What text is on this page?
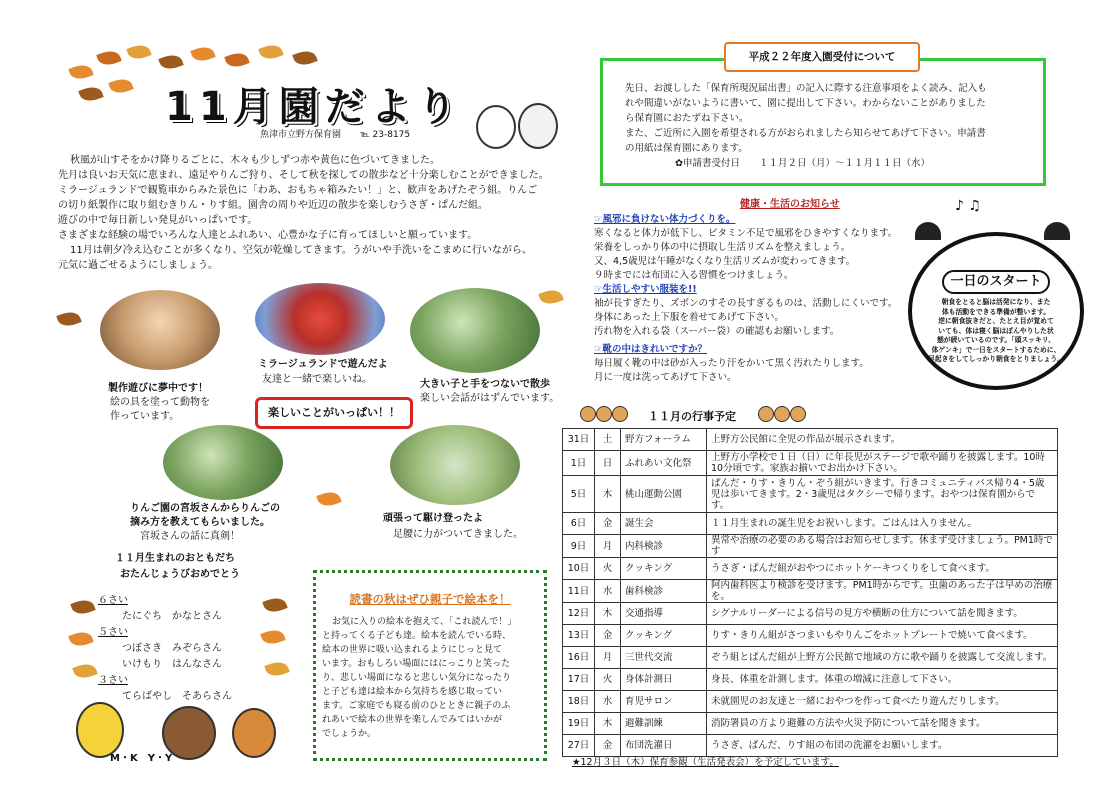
11月園だより
魚津市立野方保育園 ℡ 23-8175
秋風が山すそをかけ降りるごとに、木々も少しずつ赤や黄色に色づいてきました。
先月は良いお天気に恵まれ、遠足やりんご狩り、そして秋を探しての散歩など十分楽しむことができました。
ミラージュランドで観覧車からみた景色に「わあ、おもちゃ箱みたい！」と、歓声をあげたぞう組。りんご
の切り紙製作に取り組むきりん・りす組。園舎の周りや近辺の散歩を楽しむうさぎ・ぱんだ組。
遊びの中で毎日新しい発見がいっぱいです。
さまざまな経験の場でいろんな人達とふれあい、心豊かな子に育ってほしいと願っています。
11月は朝夕冷え込むことが多くなり、空気が乾燥してきます。うがいや手洗いをこまめに行いながら、
元気に過ごせるようにしましょう。
製作遊びに夢中です！
絵の具を塗って動物を
作っています。
ミラージュランドで遊んだよ
友達と一緒で楽しいね。	大きい子と手をつないで散歩
楽しい会話がはずんでいます。
楽しいことがいっぱい！！
りんご園の宮坂さんからりんごの
摘み方を教えてもらいました。
宮坂さんの話に真剣！
頑張って駆け登ったよ
足腰に力がついてきました。
１１月生まれのおともだち
おたんじょうびおめでとう
６さい
たにぐち　かなとさん
５さい
つぼさき　みぞらさん
いけもり　はんなさん
３さい
てらばやし　そあらさん
M・K　Y・Y
読書の秋はぜひ親子で絵本を！
お気に入りの絵本を抱えて、「これ読んで！」
と持ってくる子ども達。絵本を読んでいる時、
絵本の世界に吸い込まれるようにじっと見て
います。おもしろい場面にはにっこりと笑った
り、悲しい場面になると悲しい気分になったり
と子ども達は絵本から気持ちを感じ取ってい
ます。ご家庭でも寝る前のひとときに親子のふ
れあいで絵本の世界を楽しんでみてはいかが
でしょうか。
先日、お渡しした「保育所現況届出書」の記入に際する注意事項をよく読み、記入も
れや間違いがないように書いて、園に提出して下さい。わからないことがありました
ら保育園におたずね下さい。
また、ご近所に入園を希望される方がおられましたら知らせてあげて下さい。申請書
の用紙は保育園にあります。
✿申請書受付日　　１１月２日（月）〜１１月１１日（水）
平成２２年度入園受付について
健康・生活のお知らせ
☞風邪に負けない体力づくりを。
寒くなると体力が低下し、ビタミン不足で風邪をひきやすくなります。
栄養をしっかり体の中に摂取し生活リズムを整えましょう。
又、4,5歳児は午睡がなくなり生活リズムが変わってきます。
９時までには布団に入る習慣をつけましょう。
☞生活しやすい服装を!!
袖が長すぎたり、ズボンのすその長すぎるものは、活動しにくいです。
身体にあった上下服を着せてあげて下さい。
汚れ物を入れる袋（スーパー袋）の確認もお願いします。
☞靴の中はきれいですか？
毎日履く靴の中は砂が入ったり汗をかいて黒く汚れたりします。
月に一度は洗ってあげて下さい。
一日のスタート
朝食をとると脳は活発になり、また
体も活動をできる準備が整います。
逆に朝食抜きだと、たとえ目が覚めて
いても、体は寝く脳はぼんやりした状
態が続いているのです。「頭スッキリ、
体ゲンキ」で一日をスタートするために、
早起きをしてしっかり朝食をとりましょう。
♪ ♫
１１月の行事予定
31日	土	野方フォーラム	上野方公民館に全児の作品が展示されます。
1日	日	ふれあい文化祭	上野方小学校で１日（日）に年長児がステージで歌や踊りを披露します。10時10分頃です。家族お揃いでお出かけ下さい。
5日	木	桃山運動公園	ぱんだ・りす・きりん・ぞう組がいきます。行きコミュニティバス帰り4・5歳児は歩いてきます。2・3歳児はタクシーで帰ります。おやつは保育園からです。
6日	金	誕生会	１１月生まれの誕生児をお祝いします。ごはんは入りません。
9日	月	内科検診	異常や治療の必要のある場合はお知らせします。休まず受けましょう。PM1時です
10日	火	クッキング	うさぎ・ぱんだ組がおやつにホットケーキつくりをして食べます。
11日	水	歯科検診	阿内歯科医より検診を受けます。PM1時からです。虫歯のあった子は早めの治療を。
12日	木	交通指導	シグナルリーダーによる信号の見方や横断の仕方について話を聞きます。
13日	金	クッキング	りす・きりん組がさつまいもやりんごをホットプレートで焼いて食べます。
16日	月	三世代交流	ぞう組とぱんだ組が上野方公民館で地域の方に歌や踊りを披露して交流します。
17日	火	身体計測日	身長、体重を計測します。体重の増減に注意して下さい。
18日	水	育児サロン	未就園児のお友達と一緒におやつを作って食べたり遊んだりします。
19日	木	避難訓練	消防署員の方より避難の方法や火災予防について話を聞きます。
27日	金	布団洗濯日	うさぎ、ぱんだ、りす組の布団の洗濯をお願いします。
★12月３日（木）保育参観（生活発表会）を予定しています。
